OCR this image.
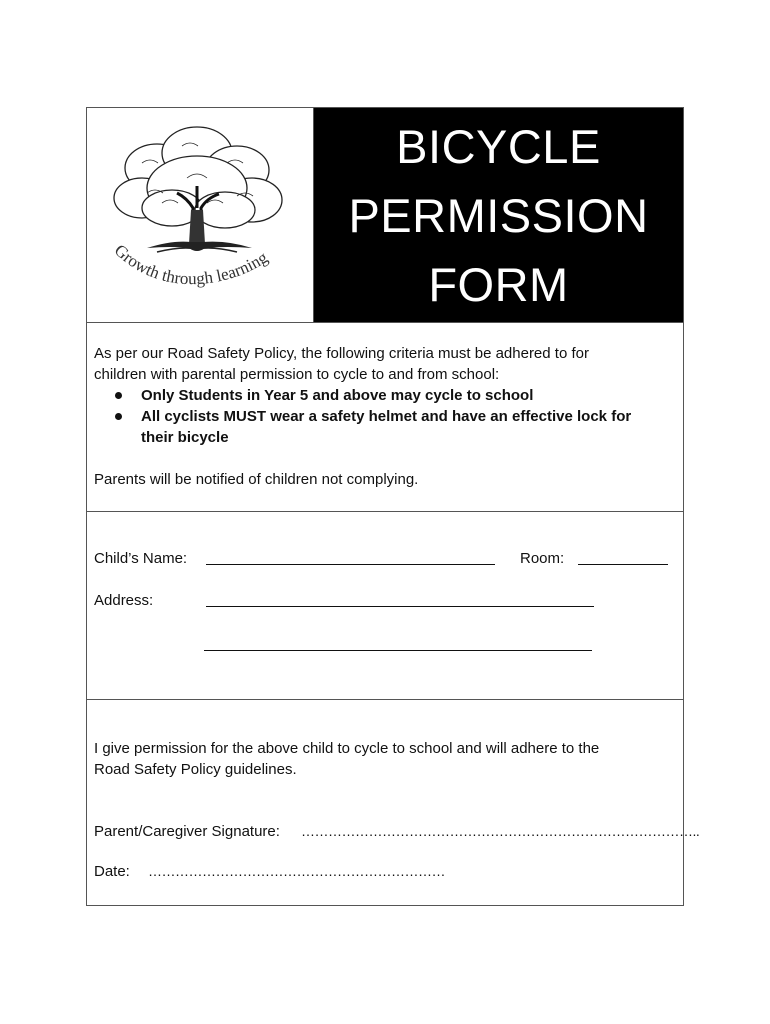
Growth through learning
BICYCLE
PERMISSION
FORM
As per our Road Safety Policy, the following criteria must be adhered to for
children with parental permission to cycle to and from school:
Only Students in Year 5 and above may cycle to school
All cyclists MUST wear a safety helmet and have an effective lock for
their bicycle
Parents will be notified of children not complying.
Child’s Name:	Room:
Address:
I give permission for the above child to cycle to school and will adhere to the
Road Safety Policy guidelines.
Parent/Caregiver Signature: ……………………………………………………………………………..
Date: …………………………………………………………
